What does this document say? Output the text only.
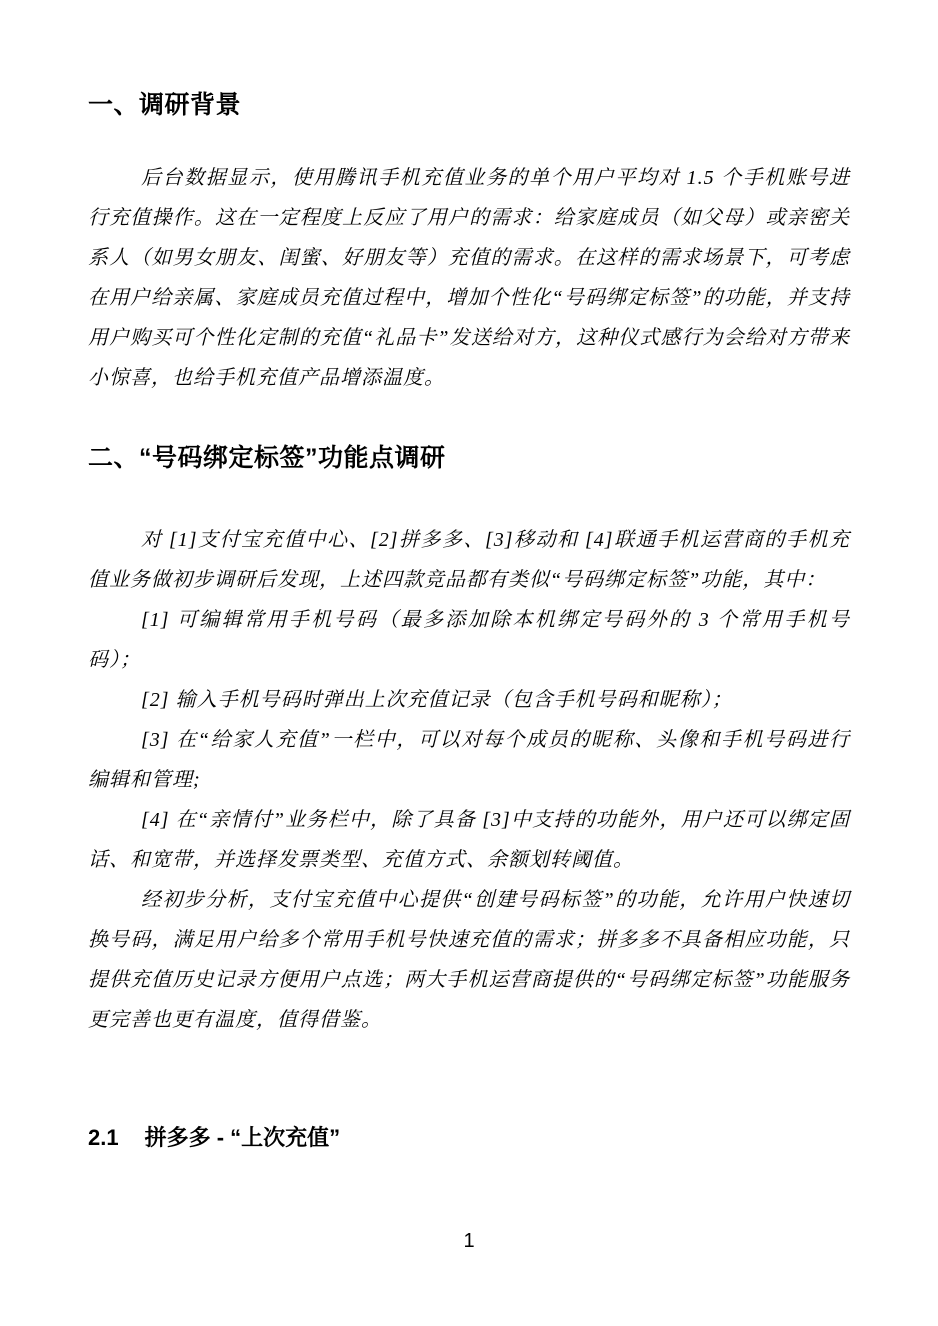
一、调研背景

后台数据显示，使用腾讯手机充值业务的单个用户平均对 1.5 个手机账号进行充值操作。这在一定程度上反应了用户的需求：给家庭成员（如父母）或亲密关系人（如男女朋友、闺蜜、好朋友等）充值的需求。在这样的需求场景下，可考虑在用户给亲属、家庭成员充值过程中，增加个性化“号码绑定标签”的功能，并支持用户购买可个性化定制的充值“礼品卡”发送给对方，这种仪式感行为会给对方带来小惊喜，也给手机充值产品增添温度。

二、“号码绑定标签”功能点调研

对 [1]支付宝充值中心、[2]拼多多、[3]移动和 [4]联通手机运营商的手机充值业务做初步调研后发现，上述四款竞品都有类似“号码绑定标签”功能，其中：

[1] 可编辑常用手机号码（最多添加除本机绑定号码外的 3 个常用手机号码）；

[2] 输入手机号码时弹出上次充值记录（包含手机号码和昵称）；

[3] 在“给家人充值”一栏中，可以对每个成员的昵称、头像和手机号码进行编辑和管理;

[4] 在“亲情付”业务栏中，除了具备 [3]中支持的功能外，用户还可以绑定固话、和宽带，并选择发票类型、充值方式、余额划转阈值。

经初步分析，支付宝充值中心提供“创建号码标签”的功能，允许用户快速切换号码，满足用户给多个常用手机号快速充值的需求；拼多多不具备相应功能，只提供充值历史记录方便用户点选；两大手机运营商提供的“号码绑定标签”功能服务更完善也更有温度，值得借鉴。

2.1 拼多多 - “上次充值”
1
